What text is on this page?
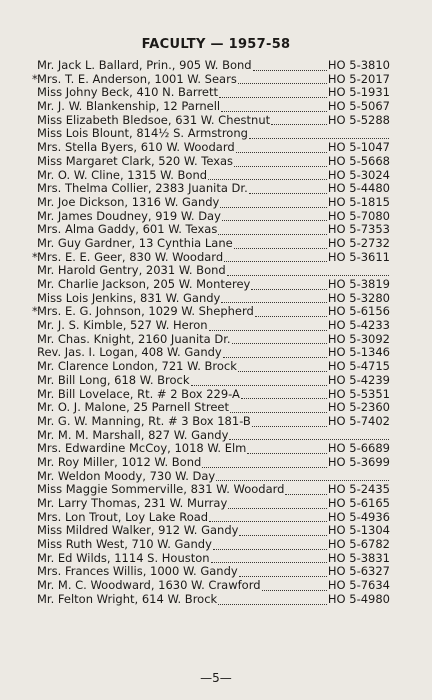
FACULTY — 1957-58
Mr. Jack L. Ballard, Prin., 905 W. Bond	HO 5-3810
* Mrs. T. E. Anderson, 1001 W. Sears	HO 5-2017
Miss Johny Beck, 410 N. Barrett	HO 5-1931
Mr. J. W. Blankenship, 12 Parnell	HO 5-5067
Miss Elizabeth Bledsoe, 631 W. Chestnut	HO 5-5288
Miss Lois Blount, 814½ S. Armstrong
Mrs. Stella Byers, 610 W. Woodard	HO 5-1047
Miss Margaret Clark, 520 W. Texas	HO 5-5668
Mr. O. W. Cline, 1315 W. Bond	HO 5-3024
Mrs. Thelma Collier, 2383 Juanita Dr.	HO 5-4480
Mr. Joe Dickson, 1316 W. Gandy	HO 5-1815
Mr. James Doudney, 919 W. Day	HO 5-7080
Mrs. Alma Gaddy, 601 W. Texas	HO 5-7353
Mr. Guy Gardner, 13 Cynthia Lane	HO 5-2732
* Mrs. E. E. Geer, 830 W. Woodard	HO 5-3611
Mr. Harold Gentry, 2031 W. Bond
Mr. Charlie Jackson, 205 W. Monterey	HO 5-3819
Miss Lois Jenkins, 831 W. Gandy	HO 5-3280
* Mrs. E. G. Johnson, 1029 W. Shepherd	HO 5-6156
Mr. J. S. Kimble, 527 W. Heron	HO 5-4233
Mr. Chas. Knight, 2160 Juanita Dr.	HO 5-3092
Rev. Jas. I. Logan, 408 W. Gandy	HO 5-1346
Mr. Clarence London, 721 W. Brock	HO 5-4715
Mr. Bill Long, 618 W. Brock	HO 5-4239
Mr. Bill Lovelace, Rt. # 2 Box 229-A	HO 5-5351
Mr. O. J. Malone, 25 Parnell Street	HO 5-2360
Mr. G. W. Manning, Rt. # 3 Box 181-B	HO 5-7402
Mr. M. M. Marshall, 827 W. Gandy
Mrs. Edwardine McCoy, 1018 W. Elm	HO 5-6689
Mr. Roy Miller, 1012 W. Bond	HO 5-3699
Mr. Weldon Moody, 730 W. Day
Miss Maggie Sommerville, 831 W. Woodard	HO 5-2435
Mr. Larry Thomas, 231 W. Murray	HO 5-6165
Mrs. Lon Trout, Loy Lake Road	HO 5-4936
Miss Mildred Walker, 912 W. Gandy	HO 5-1304
Miss Ruth West, 710 W. Gandy	HO 5-6782
Mr. Ed Wilds, 1114 S. Houston	HO 5-3831
Mrs. Frances Willis, 1000 W. Gandy	HO 5-6327
Mr. M. C. Woodward, 1630 W. Crawford	HO 5-7634
Mr. Felton Wright, 614 W. Brock	HO 5-4980
—5—
